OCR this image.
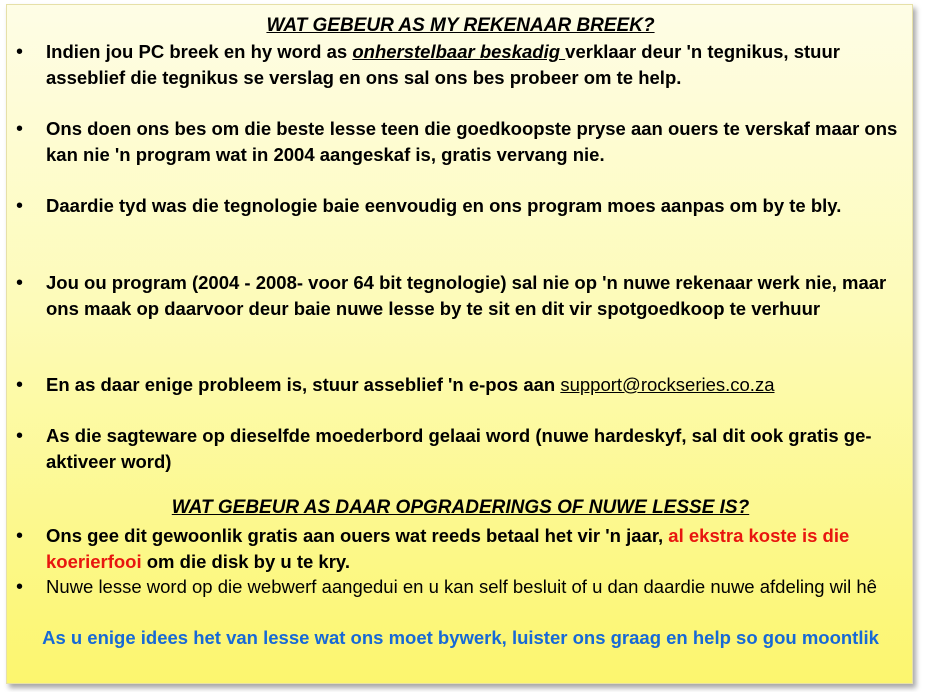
WAT GEBEUR AS MY REKENAAR BREEK?
• Indien jou PC breek en hy word as onherstelbaar beskadig verklaar deur 'n tegnikus, stuur asseblief die tegnikus se verslag en ons sal ons bes probeer om te help.
• Ons doen ons bes om die beste lesse teen die goedkoopste pryse aan ouers te verskaf maar ons kan nie 'n program wat in 2004 aangeskaf is, gratis vervang nie.
• Daardie tyd was die tegnologie baie eenvoudig en ons program moes aanpas om by te bly.
• Jou ou program (2004 - 2008- voor 64 bit tegnologie) sal nie op 'n nuwe rekenaar werk nie, maar ons maak op daarvoor deur baie nuwe lesse by te sit en dit vir spotgoedkoop te verhuur
• En as daar enige probleem is, stuur asseblief 'n e-pos aan support@rockseries.co.za
• As die sagteware op dieselfde moederbord gelaai word (nuwe hardeskyf, sal dit ook gratis ge-aktiveer word)
WAT GEBEUR AS DAAR OPGRADERINGS OF NUWE LESSE IS?
• Ons gee dit gewoonlik gratis aan ouers wat reeds betaal het vir 'n jaar, al ekstra koste is die koerierfooi om die disk by u te kry.
• Nuwe lesse word op die webwerf aangedui en u kan self besluit of u dan daardie nuwe afdeling wil hê
As u enige idees het van lesse wat ons moet bywerk, luister ons graag en help so gou moontlik
